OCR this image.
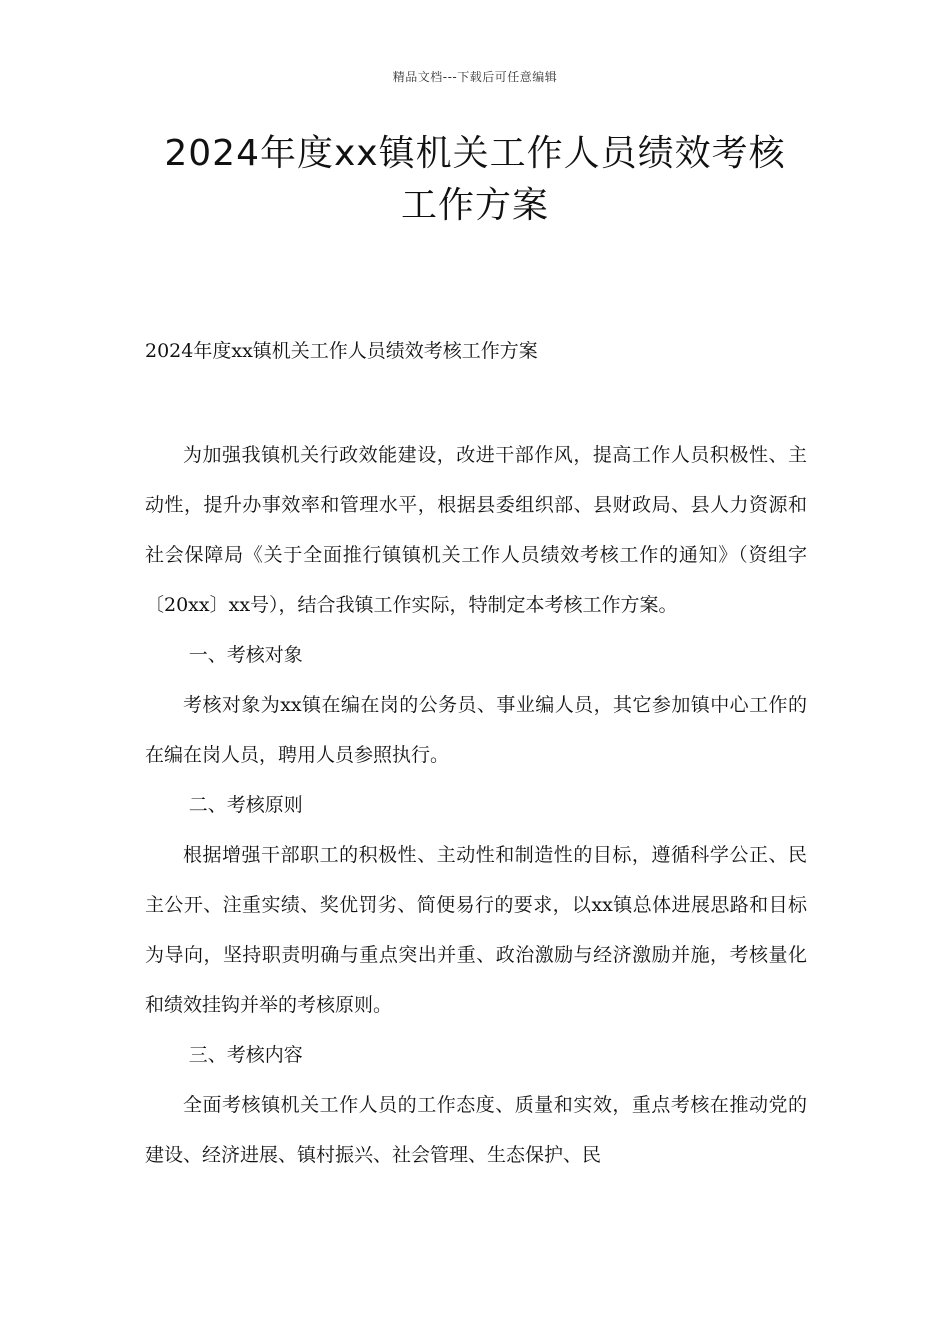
精品文档---下载后可任意编辑
2024年度xx镇机关工作人员绩效考核
工作方案
2024年度xx镇机关工作人员绩效考核工作方案

为加强我镇机关行政效能建设，改进干部作风，提高工作人员积极性、主动性，提升办事效率和管理水平，根据县委组织部、县财政局、县人力资源和社会保障局《关于全面推行镇镇机关工作人员绩效考核工作的通知》（资组字〔20xx〕xx号），结合我镇工作实际，特制定本考核工作方案。

一、考核对象

考核对象为xx镇在编在岗的公务员、事业编人员，其它参加镇中心工作的在编在岗人员，聘用人员参照执行。

二、考核原则

根据增强干部职工的积极性、主动性和制造性的目标，遵循科学公正、民主公开、注重实绩、奖优罚劣、简便易行的要求，以xx镇总体进展思路和目标为导向，坚持职责明确与重点突出并重、政治激励与经济激励并施，考核量化和绩效挂钩并举的考核原则。

三、考核内容

全面考核镇机关工作人员的工作态度、质量和实效，重点考核在推动党的建设、经济进展、镇村振兴、社会管理、生态保护、民
